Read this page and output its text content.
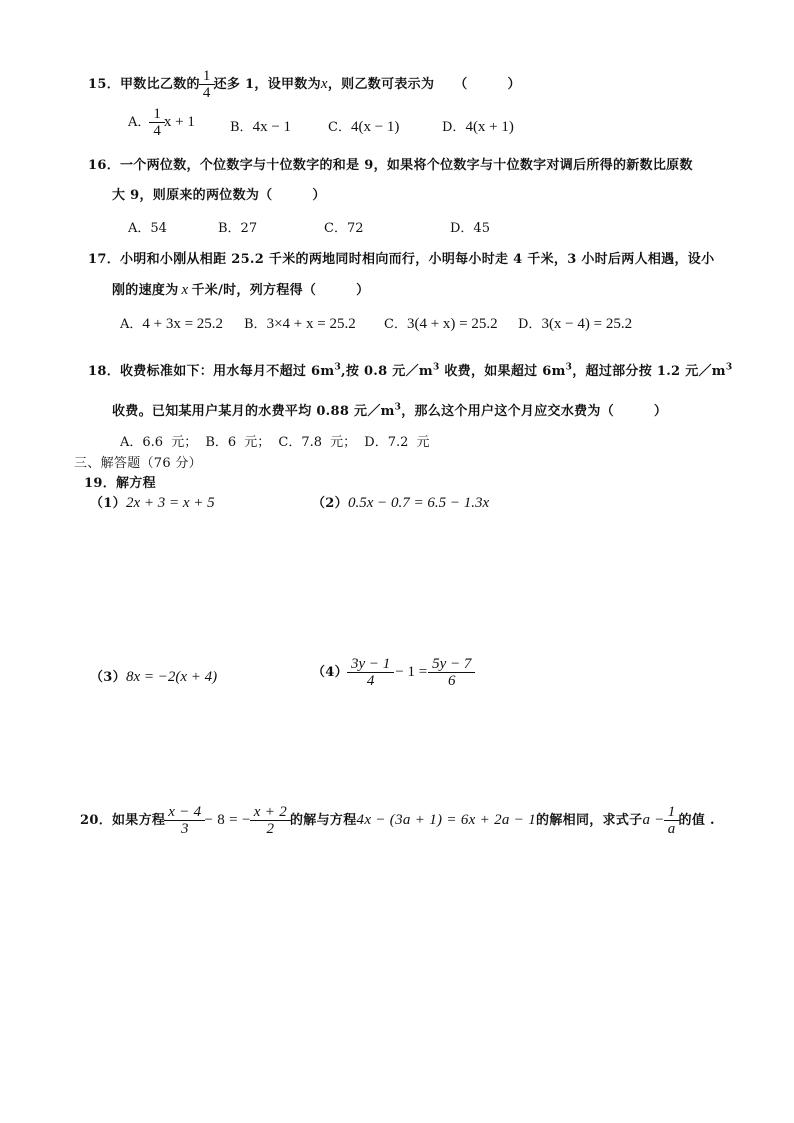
15．甲数比乙数的 $\frac{1}{4}$ 还多 1，设甲数为x，则乙数可表示为 （　　　）
A． $\frac{1}{4}$ x + 1	B．4x − 1	C．4(x − 1)	D．4(x + 1)
16．一个两位数，个位数字与十位数字的和是 9，如果将个位数字与十位数字对调后所得的新数比原数
大 9，则原来的两位数为（　　　）
A．54	B．27	C．72	D．45
17．小明和小刚从相距 25.2 千米的两地同时相向而行，小明每小时走 4 千米，3 小时后两人相遇，设小
刚的速度为 x 千米/时，列方程得（　　　）
A．4 + 3x = 25.2 B．3×4 + x = 25.2 C．3(4 + x) = 25.2 D．3(x − 4) = 25.2
18．收费标准如下：用水每月不超过 $6m^3$,按 0.8 元$/m^3$ 收费，如果超过 $6m^3$，超过部分按 1.2 元$/m^3$
收费。已知某用户某月的水费平均 0.88 元$/m^3$，那么这个用户这个月应交水费为（　　　）
A．6.6 元； B．6 元； C．7.8 元； D．7.2 元
三、解答题（76 分）
19．解方程
（1）2x + 3 = x + 5	（2）0.5x − 0.7 = 6.5 − 1.3x
（3）8x = −2(x + 4)	$(4) \frac{3y - 1}{4} - 1 = \frac{5y - 7}{6}$
20．如果方程 $\frac{x - 4}{3} - 8$ = − $\frac{x + 2}{2}$ 的解与方程4x − (3a + 1) = 6x + 2a − 1的解相同，求式子$a - \frac{1}{a}$ 的值 .
